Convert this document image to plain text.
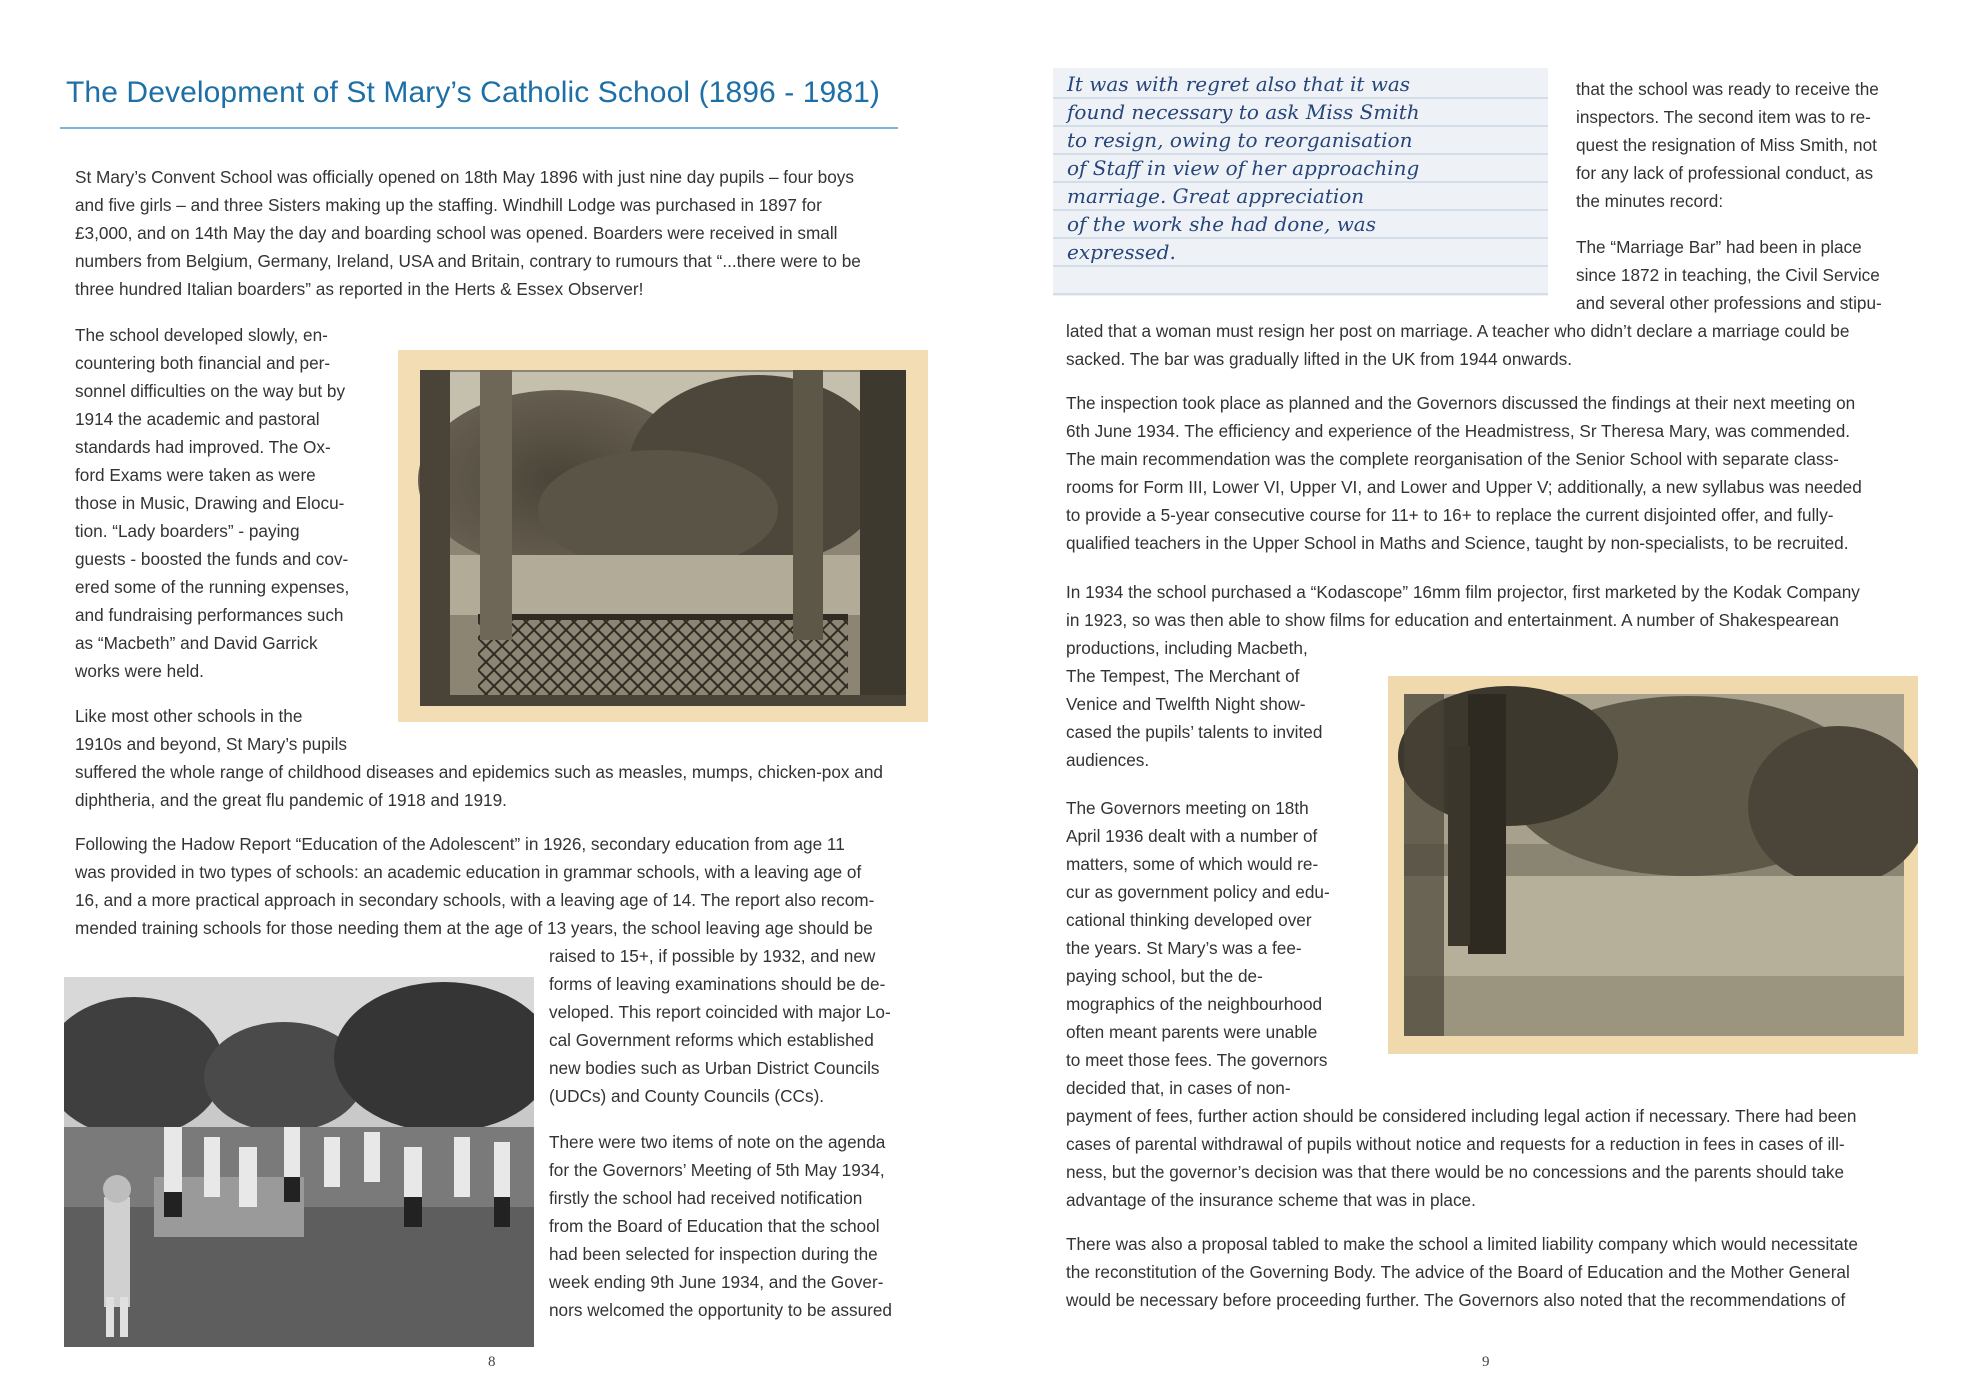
The Development of St Mary’s Catholic School (1896 - 1981)
St Mary’s Convent School was officially opened on 18th May 1896 with just nine day pupils – four boys
and five girls – and three Sisters making up the staffing. Windhill Lodge was purchased in 1897 for
£3,000, and on 14th May the day and boarding school was opened. Boarders were received in small
numbers from Belgium, Germany, Ireland, USA and Britain, contrary to rumours that “...there were to be
three hundred Italian boarders” as reported in the Herts & Essex Observer!
The school developed slowly, en-
countering both financial and per-
sonnel difficulties on the way but by
1914 the academic and pastoral
standards had improved. The Ox-
ford Exams were taken as were
those in Music, Drawing and Elocu-
tion. “Lady boarders” - paying
guests - boosted the funds and cov-
ered some of the running expenses,
and fundraising performances such
as “Macbeth” and David Garrick
works were held.
Like most other schools in the
1910s and beyond, St Mary’s pupils
suffered the whole range of childhood diseases and epidemics such as measles, mumps, chicken-pox and
diphtheria, and the great flu pandemic of 1918 and 1919.
Following the Hadow Report “Education of the Adolescent” in 1926, secondary education from age 11
was provided in two types of schools: an academic education in grammar schools, with a leaving age of
16, and a more practical approach in secondary schools, with a leaving age of 14. The report also recom-
mended training schools for those needing them at the age of 13 years, the school leaving age should be
raised to 15+, if possible by 1932, and new
forms of leaving examinations should be de-
veloped. This report coincided with major Lo-
cal Government reforms which established
new bodies such as Urban District Councils
(UDCs) and County Councils (CCs).
There were two items of note on the agenda
for the Governors’ Meeting of 5th May 1934,
firstly the school had received notification
from the Board of Education that the school
had been selected for inspection during the
week ending 9th June 1934, and the Gover-
nors welcomed the opportunity to be assured
8
It was with regret also that it was
found necessary to ask Miss Smith
to resign, owing to reorganisation
of Staff in view of her approaching
marriage. Great appreciation
of the work she had done, was
expressed.
that the school was ready to receive the
inspectors. The second item was to re-
quest the resignation of Miss Smith, not
for any lack of professional conduct, as
the minutes record:
The “Marriage Bar” had been in place
since 1872 in teaching, the Civil Service
and several other professions and stipu-
lated that a woman must resign her post on marriage. A teacher who didn’t declare a marriage could be
sacked. The bar was gradually lifted in the UK from 1944 onwards.
The inspection took place as planned and the Governors discussed the findings at their next meeting on
6th June 1934. The efficiency and experience of the Headmistress, Sr Theresa Mary, was commended.
The main recommendation was the complete reorganisation of the Senior School with separate class-
rooms for Form III, Lower VI, Upper VI, and Lower and Upper V; additionally, a new syllabus was needed
to provide a 5-year consecutive course for 11+ to 16+ to replace the current disjointed offer, and fully-
qualified teachers in the Upper School in Maths and Science, taught by non-specialists, to be recruited.
In 1934 the school purchased a “Kodascope” 16mm film projector, first marketed by the Kodak Company
in 1923, so was then able to show films for education and entertainment. A number of Shakespearean
productions, including Macbeth,
The Tempest, The Merchant of
Venice and Twelfth Night show-
cased the pupils’ talents to invited
audiences.
The Governors meeting on 18th
April 1936 dealt with a number of
matters, some of which would re-
cur as government policy and edu-
cational thinking developed over
the years. St Mary’s was a fee-
paying school, but the de-
mographics of the neighbourhood
often meant parents were unable
to meet those fees. The governors
decided that, in cases of non-
payment of fees, further action should be considered including legal action if necessary. There had been
cases of parental withdrawal of pupils without notice and requests for a reduction in fees in cases of ill-
ness, but the governor’s decision was that there would be no concessions and the parents should take
advantage of the insurance scheme that was in place.
There was also a proposal tabled to make the school a limited liability company which would necessitate
the reconstitution of the Governing Body. The advice of the Board of Education and the Mother General
would be necessary before proceeding further. The Governors also noted that the recommendations of
9
